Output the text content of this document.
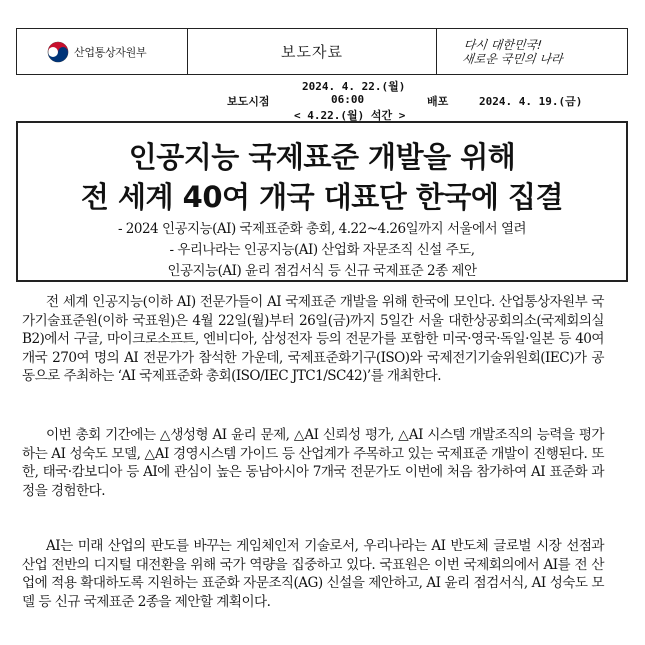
산업통상자원부	보도자료	다시 대한민국!
새로운 국민의 나라
2024. 4. 22.(월)
보도시점	06:00	배포	2024. 4. 19.(금)
< 4.22.(월) 석간 >
인공지능 국제표준 개발을 위해
전 세계 40여 개국 대표단 한국에 집결
- 2024 인공지능(AI) 국제표준화 총회, 4.22~4.26일까지 서울에서 열려
- 우리나라는 인공지능(AI) 산업화 자문조직 신설 주도,
인공지능(AI) 윤리 점검서식 등 신규 국제표준 2종 제안

전 세계 인공지능(이하 AI) 전문가들이 AI 국제표준 개발을 위해 한국에 모인다. 산업통상자원부 국가기술표준원(이하 국표원)은 4월 22일(월)부터 26일(금)까지 5일간 서울 대한상공회의소(국제회의실 B2)에서 구글, 마이크로소프트, 엔비디아, 삼성전자 등의 전문가를 포함한 미국·영국·독일·일본 등 40여 개국 270여 명의 AI 전문가가 참석한 가운데, 국제표준화기구(ISO)와 국제전기기술위원회(IEC)가 공동으로 주최하는 ‘AI 국제표준화 총회(ISO/IEC JTC1/SC42)’를 개최한다.

이번 총회 기간에는 △생성형 AI 윤리 문제, △AI 신뢰성 평가, △AI 시스템 개발조직의 능력을 평가하는 AI 성숙도 모델, △AI 경영시스템 가이드 등 산업계가 주목하고 있는 국제표준 개발이 진행된다. 또한, 태국·캄보디아 등 AI에 관심이 높은 동남아시아 7개국 전문가도 이번에 처음 참가하여 AI 표준화 과정을 경험한다.

AI는 미래 산업의 판도를 바꾸는 게임체인저 기술로서, 우리나라는 AI 반도체 글로벌 시장 선점과 산업 전반의 디지털 대전환을 위해 국가 역량을 집중하고 있다. 국표원은 이번 국제회의에서 AI를 전 산업에 적용 확대하도록 지원하는 표준화 자문조직(AG) 신설을 제안하고, AI 윤리 점검서식, AI 성숙도 모델 등 신규 국제표준 2종을 제안할 계획이다.
